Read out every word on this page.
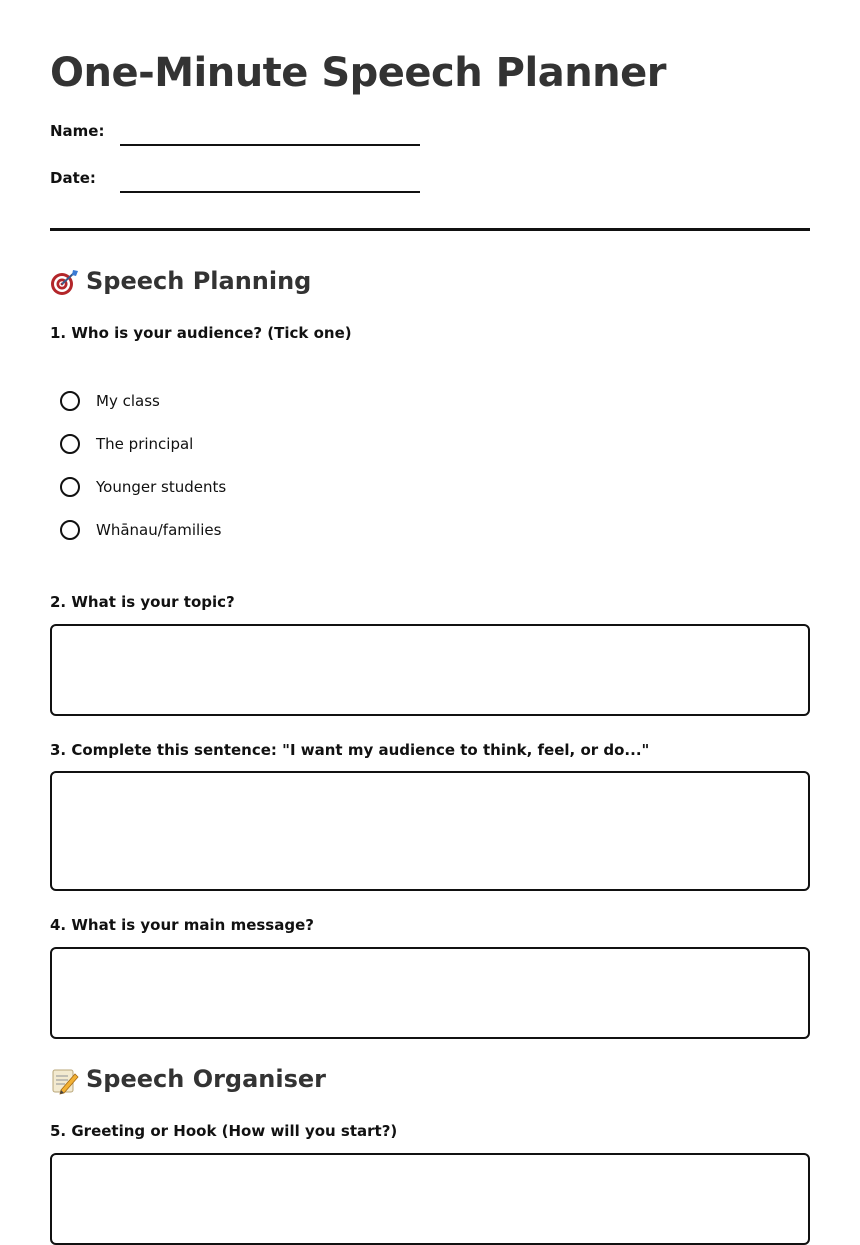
One-Minute Speech Planner
Name:
Date:
Speech Planning
1. Who is your audience? (Tick one)
My class
The principal
Younger students
Whānau/families
2. What is your topic?
3. Complete this sentence: "I want my audience to think, feel, or do..."
4. What is your main message?
Speech Organiser
5. Greeting or Hook (How will you start?)
